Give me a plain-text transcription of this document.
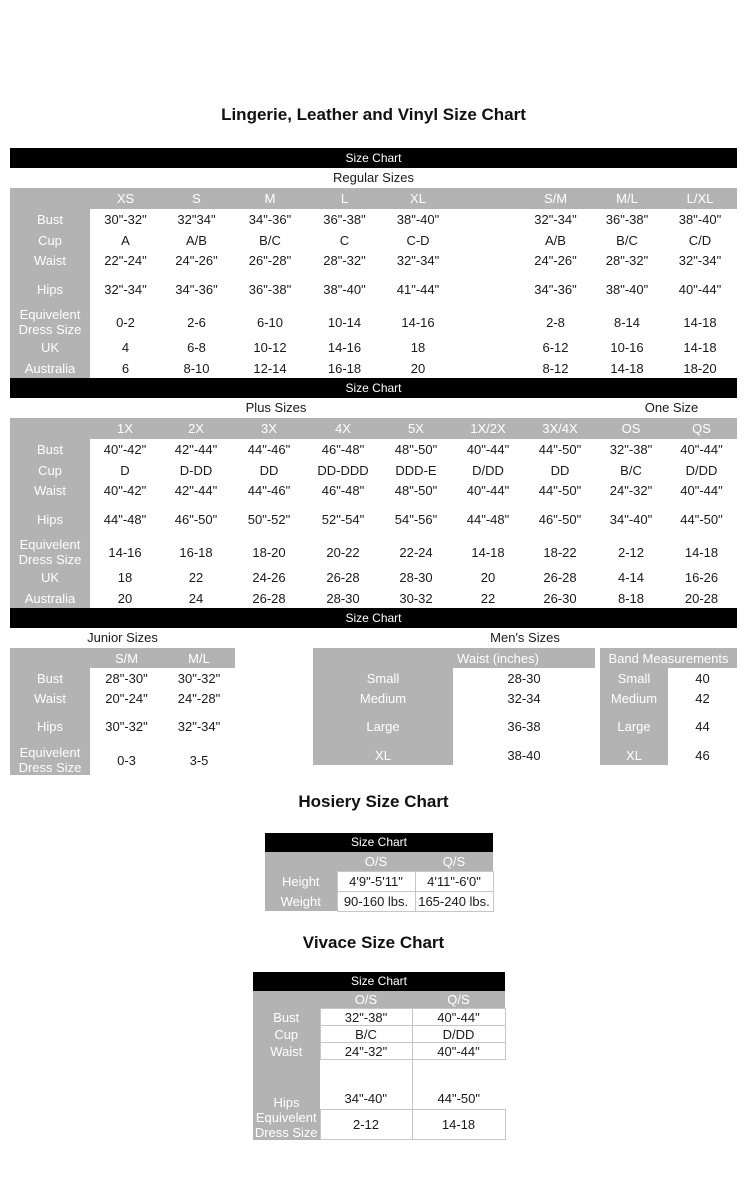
Lingerie, Leather and Vinyl Size Chart
Size Chart
Regular Sizes
	XS	S	M	L	XL		S/M	M/L	L/XL
Bust	30"-32"	32"34"	34"-36"	36"-38"	38"-40"		32"-34"	36"-38"	38"-40"
Cup	A	A/B	B/C	C	C-D		A/B	B/C	C/D
Waist	22"-24"	24"-26"	26"-28"	28"-32"	32"-34"		24"-26"	28"-32"	32"-34"
Hips	32"-34"	34"-36"	36"-38"	38"-40"	41"-44"		34"-36"	38"-40"	40"-44"
Equivelent Dress Size	0-2	2-6	6-10	10-14	14-16		2-8	8-14	14-18
UK	4	6-8	10-12	14-16	18		6-12	10-16	14-18
Australia	6	8-10	12-14	16-18	20		8-12	14-18	18-20
Size Chart
Plus Sizes	One Size
	1X	2X	3X	4X	5X	1X/2X	3X/4X	OS	QS
Bust	40"-42"	42"-44"	44"-46"	46"-48"	48"-50"	40"-44"	44"-50"	32"-38"	40"-44"
Cup	D	D-DD	DD	DD-DDD	DDD-E	D/DD	DD	B/C	D/DD
Waist	40"-42"	42"-44"	44"-46"	46"-48"	48"-50"	40"-44"	44"-50"	24"-32"	40"-44"
Hips	44"-48"	46"-50"	50"-52"	52"-54"	54"-56"	44"-48"	46"-50"	34"-40"	44"-50"
Equivelent Dress Size	14-16	16-18	18-20	20-22	22-24	14-18	18-22	2-12	14-18
UK	18	22	24-26	26-28	28-30	20	26-28	4-14	16-26
Australia	20	24	26-28	28-30	30-32	22	26-30	8-18	20-28
Size Chart
Junior Sizes	Men's Sizes
	S/M	M/L
Bust	28"-30"	30"-32"
Waist	20"-24"	24"-28"
Hips	30"-32"	32"-34"
Equivelent Dress Size	0-3	3-5
Waist (inches)	
Small	28-30
Medium	32-34
Large	36-38
XL	38-40
Band Measurements	
Small	40
Medium	42
Large	44
XL	46
Hosiery Size Chart
Size Chart
	O/S	Q/S
Height	4'9"-5'11"	4'11"-6'0"
Weight	90-160 lbs.	165-240 lbs.
Vivace Size Chart
Size Chart
	O/S	Q/S
Bust	32"-38"	40"-44"
Cup	B/C	D/DD
Waist	24"-32"	40"-44"
Hips	34"-40"	44"-50"
Equivelent Dress Size	2-12	14-18
